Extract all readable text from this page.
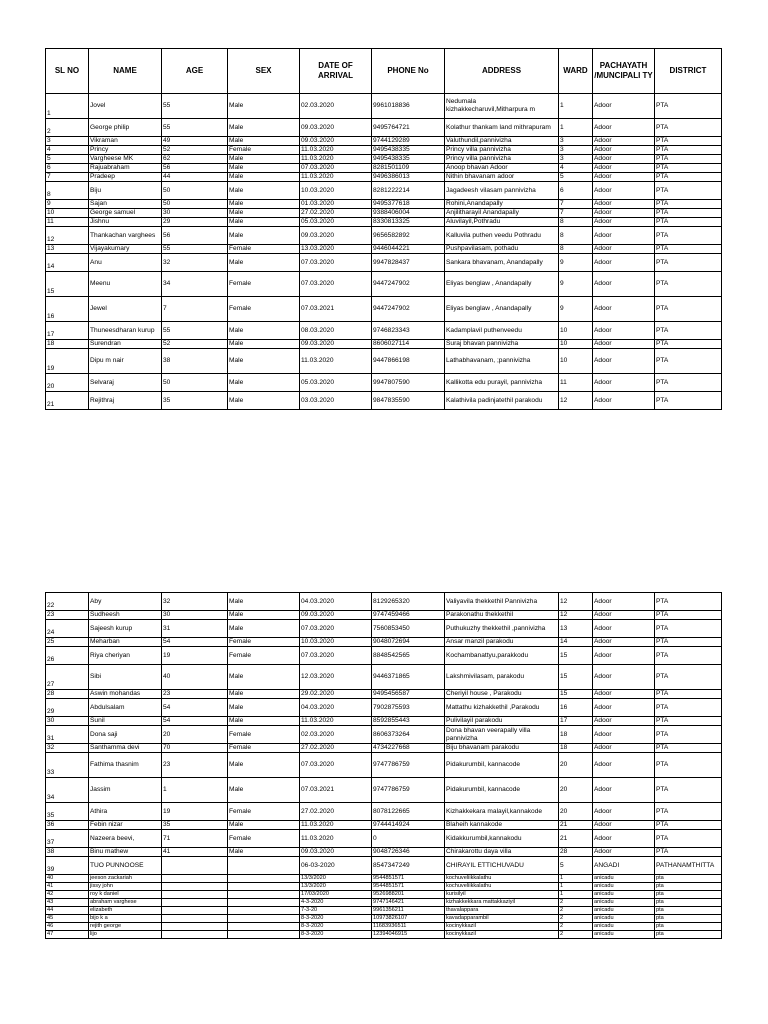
SL NO	NAME	AGE	SEX	DATE OF ARRIVAL	PHONE No	ADDRESS	WARD	PACHAYATH /MUNCIPALI TY	DISTRICT
1	Jovel	55	Male	02.03.2020	9961018836	Nedumala kizhakkecharuvil,Mitharpura m	1	Adoor	PTA
2	George philip	55	Male	09.03.2020	9495764721	Kolathur thankam land mithrapuram	1	Adoor	PTA
3	Vikraman	49	Male	09.03.2020	9744129289	Valuthundil,pannivizha	3	Adoor	PTA
4	Princy	52	Female	11.03.2020	9495438335	Princy villa pannivizha	3	Adoor	PTA
5	Vargheese MK	62	Male	11.03.2020	9495438335	Princy villa pannivizha	3	Adoor	PTA
6	Rajuabraham	56	Male	07.03.2020	8281501109	Anoop bhavan Adoor	4	Adoor	PTA
7	Pradeep	44	Male	11.03.2020	9496386013	Nithin bhavanam adoor	5	Adoor	PTA
8	Biju	50	Male	10.03.2020	8281222214	Jagadeesh vilasam pannivizha	6	Adoor	PTA
9	Sajan	50	Male	01.03.2020	9495377618	Rohini,Anandapally	7	Adoor	PTA
10	George samuel	30	Male	27.02.2020	9388406004	Anjilitharayil Anandapally	7	Adoor	PTA
11	Jishnu	29	Male	05.03.2020	8330813325	Aluvilayil,Pothradu	8	Adoor	PTA
12	Thankachan varghees	56	Male	09.03.2020	9656582892	Kalluvila puthen veedu Pothradu	8	Adoor	PTA
13	Vijayakumary	55	Female	13.03.2020	9446044221	Pushpavilasam, pothadu	8	Adoor	PTA
14	Anu	32	Male	07.03.2020	9947828437	Sankara bhavanam, Anandapally	9	Adoor	PTA
15	Meenu	34	Female	07.03.2020	9447247902	Eliyas benglaw , Anandapally	9	Adoor	PTA
16	Jewel	7	Female	07.03.2021	9447247902	Eliyas benglaw , Anandapally	9	Adoor	PTA
17	Thuneesdharan kurup	55	Male	08.03.2020	9746823343	Kadamplavil puthenveedu	10	Adoor	PTA
18	Surendran	52	Male	09.03.2020	8606027114	Suraj bhavan pannivizha	10	Adoor	PTA
19	Dipu m nair	38	Male	11.03.2020	9447866198	Lathabhavanam, ;pannivizha	10	Adoor	PTA
20	Selvaraj	50	Male	05.03.2020	9947807590	Kallikotta edu purayil, pannivizha	11	Adoor	PTA
21	Rejithraj	35	Male	03.03.2020	9847835590	Kalathivila padinjatethil parakodu	12	Adoor	PTA
22	Aby	32	Male	04.03.2020	8129265320	Valiyavila thekkethil Pannivizha	12	Adoor	PTA
23	Sudheesh	30	Male	09.03.2020	9747459466	Parakonathu thekkethil	12	Adoor	PTA
24	Sajeesh kurup	31	Male	07.03.2020	7560853450	Puthukuzhy thekkethil ,pannivizha	13	Adoor	PTA
25	Meharban	54	Female	10.03.2020	9048072694	Ansar manzil parakodu	14	Adoor	PTA
26	Riya cheriyan	19	Female	07.03.2020	8848542565	Kochambanattyu,parakkodu	15	Adoor	PTA
27	Sibi	40	Male	12.03.2020	9446371865	Lakshmivilasam, parakodu	15	Adoor	PTA
28	Aswin mohandas	23	Male	29.02.2020	9495456587	Cheriyil house , Parakodu	15	Adoor	PTA
29	Abdulsalam	54	Male	04.03.2020	7902875593	Mattathu kizhakkethil ,Parakodu	16	Adoor	PTA
30	Sunil	54	Male	11.03.2020	8592855443	Pulivilayil parakodu	17	Adoor	PTA
31	Dona saji	20	Female	02.03.2020	8606373264	Dona bhavan veerapally villa pannivizha	18	Adoor	PTA
32	Santhamma devi	70	Female	27.02.2020	4734227668	Biju bhavanam parakodu	18	Adoor	PTA
33	Fathima thasnim	23	Male	07.03.2020	9747786759	Pidakurumbil, kannacode	20	Adoor	PTA
34	Jassim	1	Male	07.03.2021	9747786759	Pidakurumbil, kannacode	20	Adoor	PTA
35	Athira	19	Female	27.02.2020	8078122665	Kizhakkekara malayil,kannakode	20	Adoor	PTA
36	Febin nizar	35	Male	11.03.2020	9744414924	Blaheih kannakode	21	Adoor	PTA
37	Nazeera beevi,	71	Female	11.03.2020	0	Kidakkurumbil,kannakodu	21	Adoor	PTA
38	Binu mathew	41	Male	09.03.2020	9048726346	Chirakarottu daya villa	28	Adoor	PTA
39	TUO PUNNOOSE			06-03-2020	8547347249	CHIRAYIL ETTICHUVADU	5	ANGADI	PATHANAMTHITTA
40	jeeson zackariah			13/3/2020	9544851571	kochuveliikkalathu	1	anicadu	pta
41	jissy john			13/3/2020	9544851571	kochuveliikkalathu	1	anicadu	pta
42	roy k daniel			17/03/2020	9526988201	kurisilyil	1	anicadu	pta
43	abraham varghese			4-3-2020	9747146421	kizhakkekkara mattakkaziyil	2	anicadu	pta
44	elizabeth			7-3-20	9961356211	thavalappara	2	anicadu	pta
45	bijo k a			8-3-2020	10973826107	kavadapparambil	2	anicadu	pta
46	rejith george			8-3-2020	11683936511	kocinykkazil	2	anicadu	pta
47	lijo			8-3-2020	12394046915	kocinykkazil	2	anicadu	pta
